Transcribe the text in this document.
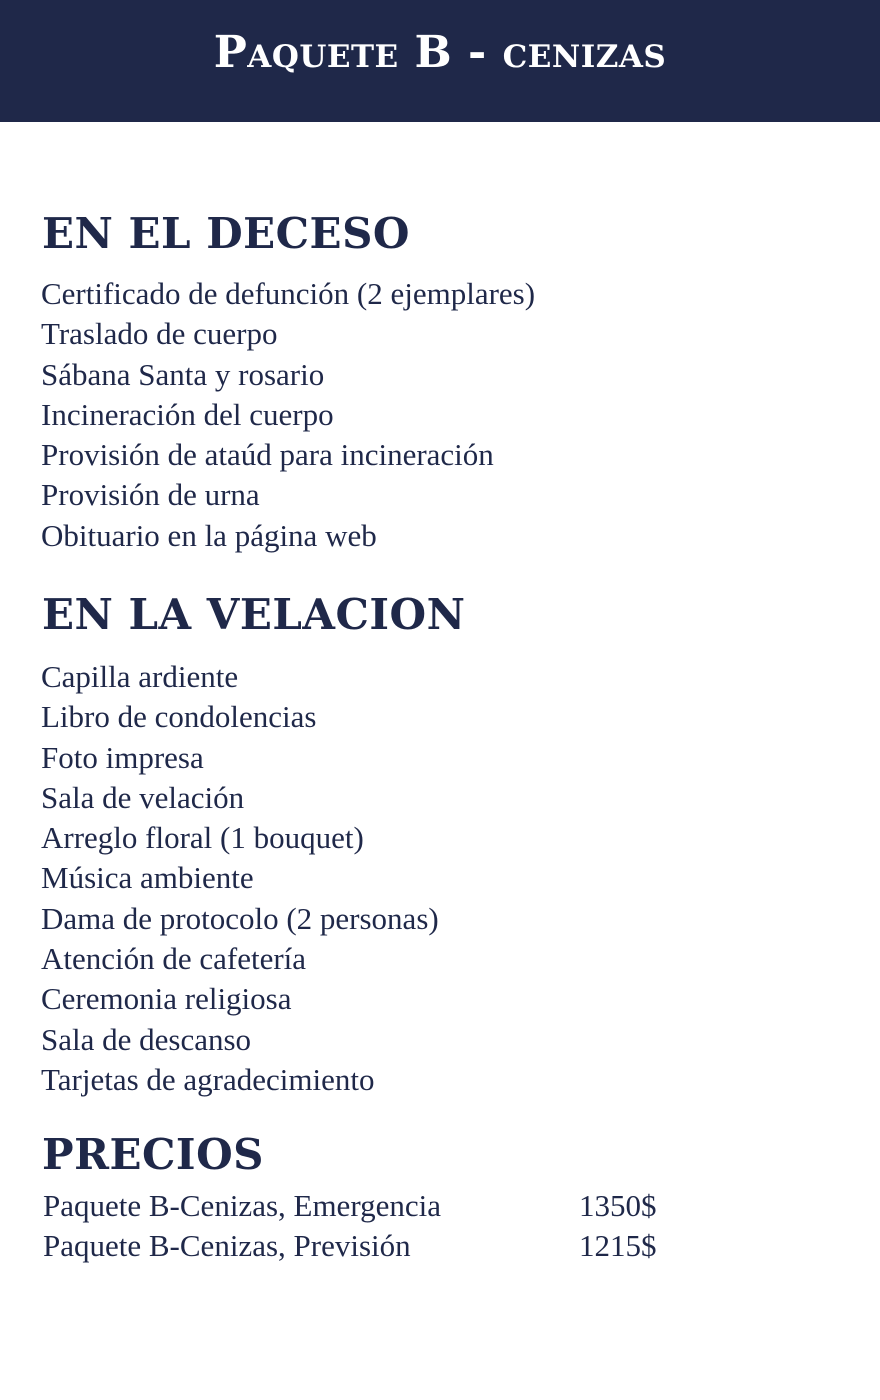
Paquete B - cenizas
EN EL DECESO
Certificado de defunción (2 ejemplares)
Traslado de cuerpo
Sábana Santa y rosario
Incineración del cuerpo
Provisión de ataúd para incineración
Provisión de urna
Obituario en la página web
EN LA VELACION
Capilla ardiente
Libro de condolencias
Foto impresa
Sala de velación
Arreglo floral (1 bouquet)
Música ambiente
Dama de protocolo (2 personas)
Atención de cafetería
Ceremonia religiosa
Sala de descanso
Tarjetas de agradecimiento
PRECIOS
Paquete B-Cenizas, Emergencia	1350$
Paquete B-Cenizas, Previsión	1215$
